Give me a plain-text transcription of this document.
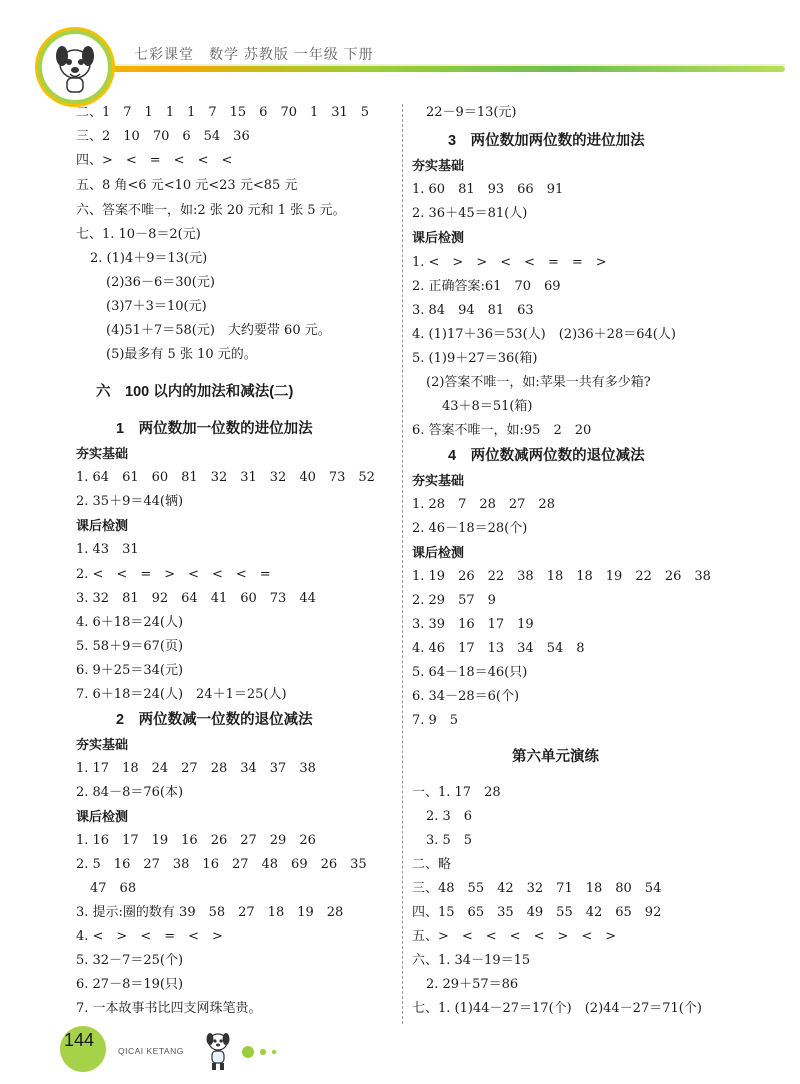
七彩课堂　数学 苏教版 一年级 下册
二、1　7　1　1　1　7　15　6　70　1　31　5
三、2　10　70　6　54　36
四、>　<　=　<　<　<
五、8 角<6 元<10 元<23 元<85 元
六、答案不唯一，如:2 张 20 元和 1 张 5 元。
七、1. 10－8＝2(元)
2. (1)4＋9＝13(元)
(2)36－6＝30(元)
(3)7＋3＝10(元)
(4)51＋7＝58(元)　大约要带 60 元。
(5)最多有 5 张 10 元的。
六　100 以内的加法和减法(二)
1　两位数加一位数的进位加法
夯实基础
1. 64　61　60　81　32　31　32　40　73　52
2. 35＋9＝44(辆)
课后检测
1. 43　31
2. <　<　=　>　<　<　<　=
3. 32　81　92　64　41　60　73　44
4. 6＋18＝24(人)
5. 58＋9＝67(页)
6. 9＋25＝34(元)
7. 6＋18＝24(人)　24＋1＝25(人)
2　两位数减一位数的退位减法
夯实基础
1. 17　18　24　27　28　34　37　38
2. 84－8＝76(本)
课后检测
1. 16　17　19　16　26　27　29　26
2. 5　16　27　38　16　27　48　69　26　35
47　68
3. 提示:圈的数有 39　58　27　18　19　28
4. <　>　<　=　<　>
5. 32－7＝25(个)
6. 27－8＝19(只)
7. 一本故事书比四支网珠笔贵。
22－9＝13(元)
3　两位数加两位数的进位加法
夯实基础
1. 60　81　93　66　91
2. 36＋45＝81(人)
课后检测
1. <　>　>　<　<　=　=　>
2. 正确答案:61　70　69
3. 84　94　81　63
4. (1)17＋36＝53(人)　(2)36＋28＝64(人)
5. (1)9＋27＝36(箱)
(2)答案不唯一，如:苹果一共有多少箱?
43＋8＝51(箱)
6. 答案不唯一，如:95　2　20
4　两位数减两位数的退位减法
夯实基础
1. 28　7　28　27　28
2. 46－18＝28(个)
课后检测
1. 19　26　22　38　18　18　19　22　26　38
2. 29　57　9
3. 39　16　17　19
4. 46　17　13　34　54　8
5. 64－18＝46(只)
6. 34－28＝6(个)
7. 9　5
第六单元演练
一、1. 17　28
2. 3　6
3. 5　5
二、略
三、48　55　42　32　71　18　80　54
四、15　65　35　49　55　42　65　92
五、>　<　<　<　<　>　<　>
六、1. 34－19＝15
2. 29＋57＝86
七、1. (1)44－27＝17(个)　(2)44－27＝71(个)
144
QICAI KETANG
